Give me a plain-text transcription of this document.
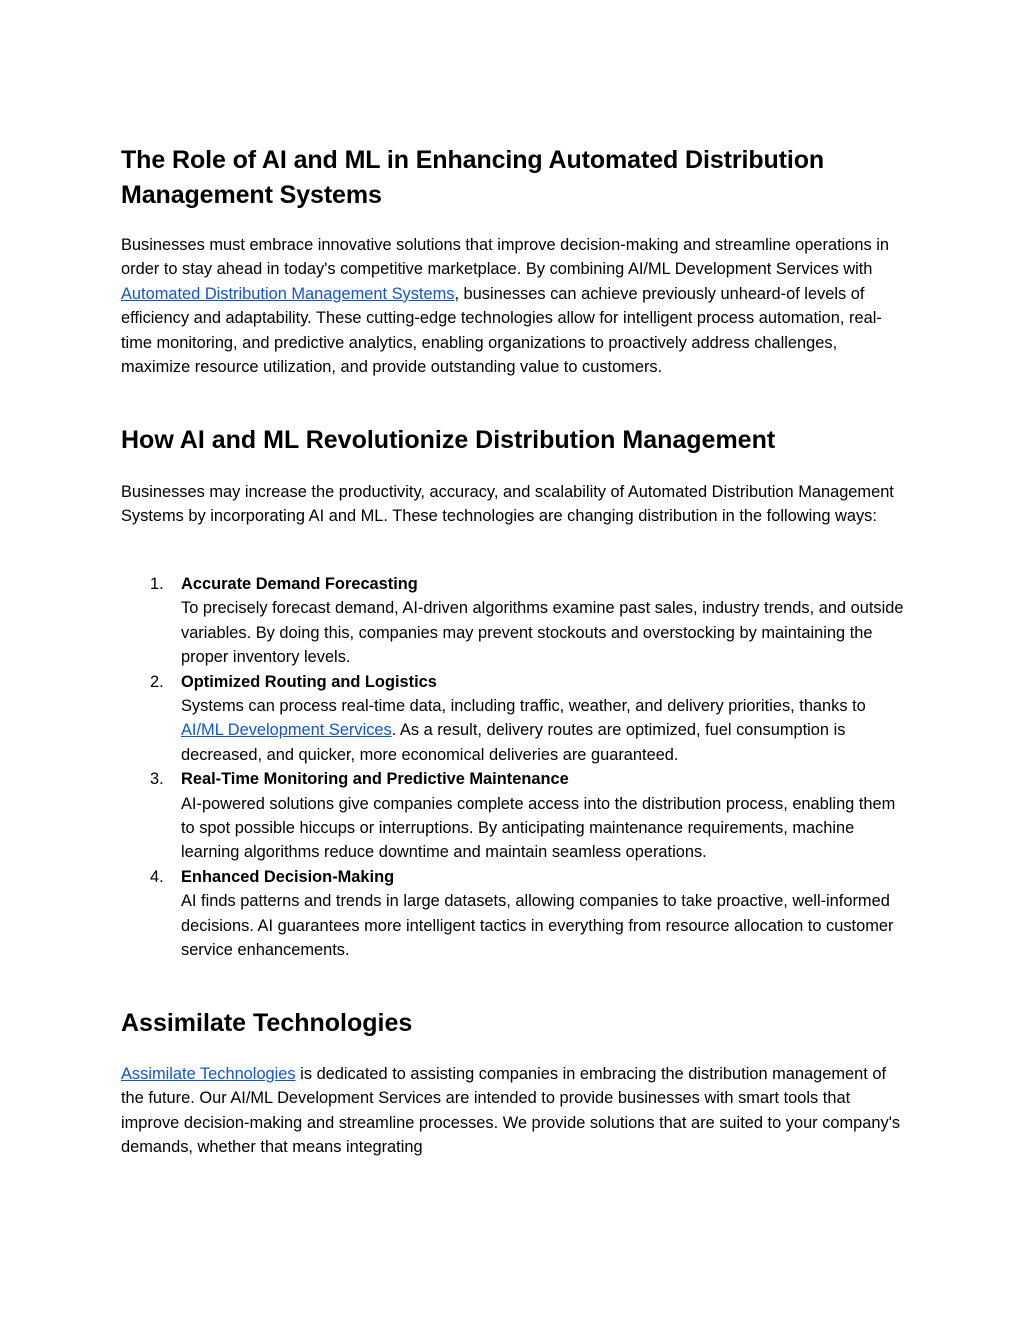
The Role of AI and ML in Enhancing Automated Distribution Management Systems

Businesses must embrace innovative solutions that improve decision-making and streamline operations in order to stay ahead in today's competitive marketplace. By combining AI/ML Development Services with Automated Distribution Management Systems, businesses can achieve previously unheard-of levels of efficiency and adaptability. These cutting-edge technologies allow for intelligent process automation, real-time monitoring, and predictive analytics, enabling organizations to proactively address challenges, maximize resource utilization, and provide outstanding value to customers.

How AI and ML Revolutionize Distribution Management

Businesses may increase the productivity, accuracy, and scalability of Automated Distribution Management Systems by incorporating AI and ML. These technologies are changing distribution in the following ways:

1. Accurate Demand Forecasting
To precisely forecast demand, AI-driven algorithms examine past sales, industry trends, and outside variables. By doing this, companies may prevent stockouts and overstocking by maintaining the proper inventory levels.
2. Optimized Routing and Logistics
Systems can process real-time data, including traffic, weather, and delivery priorities, thanks to AI/ML Development Services. As a result, delivery routes are optimized, fuel consumption is decreased, and quicker, more economical deliveries are guaranteed.
3. Real-Time Monitoring and Predictive Maintenance
AI-powered solutions give companies complete access into the distribution process, enabling them to spot possible hiccups or interruptions. By anticipating maintenance requirements, machine learning algorithms reduce downtime and maintain seamless operations.
4. Enhanced Decision-Making
AI finds patterns and trends in large datasets, allowing companies to take proactive, well-informed decisions. AI guarantees more intelligent tactics in everything from resource allocation to customer service enhancements.
Assimilate Technologies

Assimilate Technologies is dedicated to assisting companies in embracing the distribution management of the future. Our AI/ML Development Services are intended to provide businesses with smart tools that improve decision-making and streamline processes. We provide solutions that are suited to your company's demands, whether that means integrating
